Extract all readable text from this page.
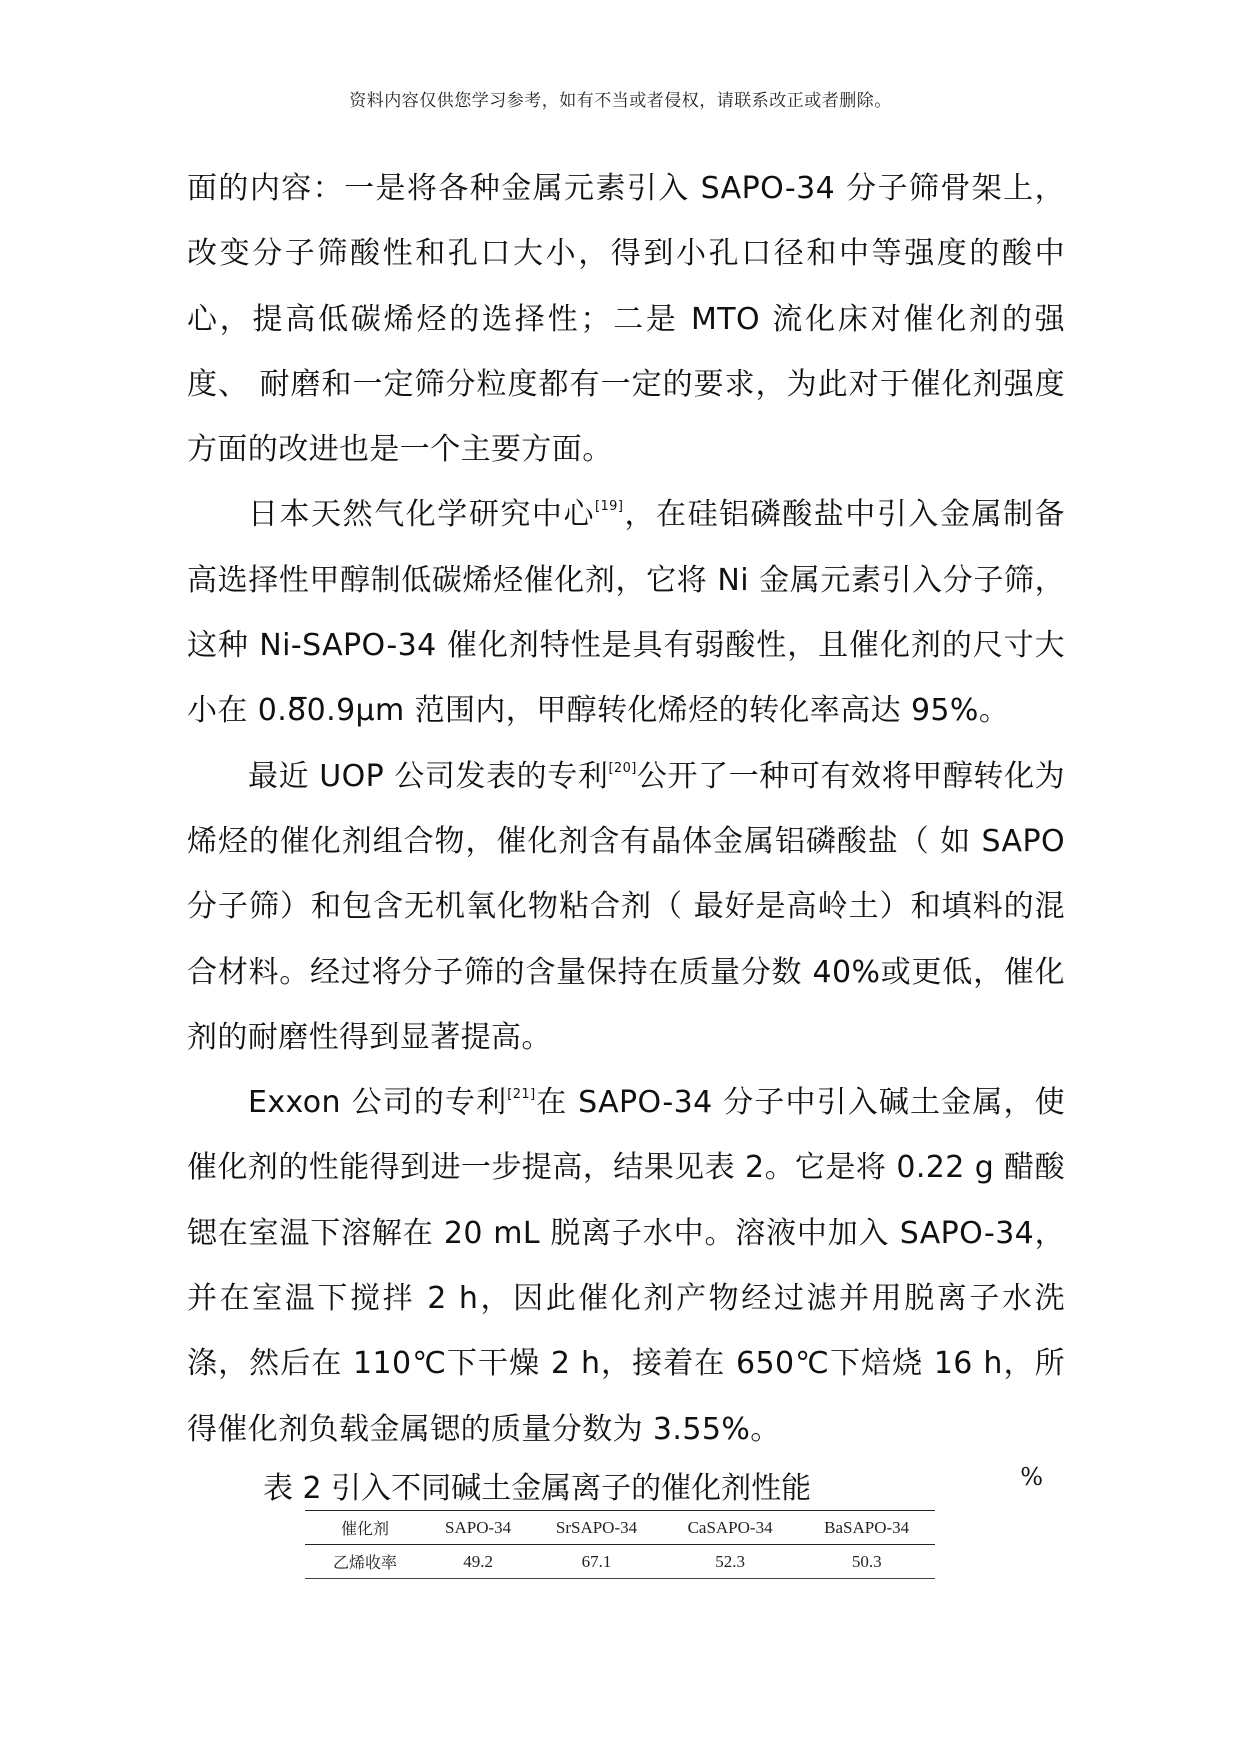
资料内容仅供您学习参考，如有不当或者侵权，请联系改正或者删除。

面的内容：一是将各种金属元素引入 SAPO-34 分子筛骨架上，改变分子筛酸性和孔口大小，得到小孔口径和中等强度的酸中心，提高低碳烯烃的选择性；二是 MTO 流化床对催化剂的强度、 耐磨和一定筛分粒度都有一定的要求，为此对于催化剂强度方面的改进也是一个主要方面。

日本天然气化学研究中心[19]，在硅铝磷酸盐中引入金属制备高选择性甲醇制低碳烯烃催化剂，它将 Ni 金属元素引入分子筛，这种 Ni-SAPO-34 催化剂特性是具有弱酸性，且催化剂的尺寸大小在 0.8̅0.9μm 范围内，甲醇转化烯烃的转化率高达 95%。

最近 UOP 公司发表的专利[20]公开了一种可有效将甲醇转化为烯烃的催化剂组合物，催化剂含有晶体金属铝磷酸盐（ 如 SAPO 分子筛）和包含无机氧化物粘合剂（ 最好是高岭土）和填料的混合材料。经过将分子筛的含量保持在质量分数 40%或更低，催化剂的耐磨性得到显著提高。

Exxon 公司的专利[21]在 SAPO-34 分子中引入碱土金属，使催化剂的性能得到进一步提高，结果见表 2。它是将 0.22 g 醋酸锶在室温下溶解在 20 mL 脱离子水中。溶液中加入 SAPO-34，并在室温下搅拌 2 h，因此催化剂产物经过滤并用脱离子水洗涤，然后在 110℃下干燥 2 h，接着在 650℃下焙烧 16 h，所得催化剂负载金属锶的质量分数为 3.55%。

表 2 引入不同碱土金属离子的催化剂性能	%
催化剂	SAPO-34	SrSAPO-34	CaSAPO-34	BaSAPO-34
乙烯收率	49.2	67.1	52.3	50.3
